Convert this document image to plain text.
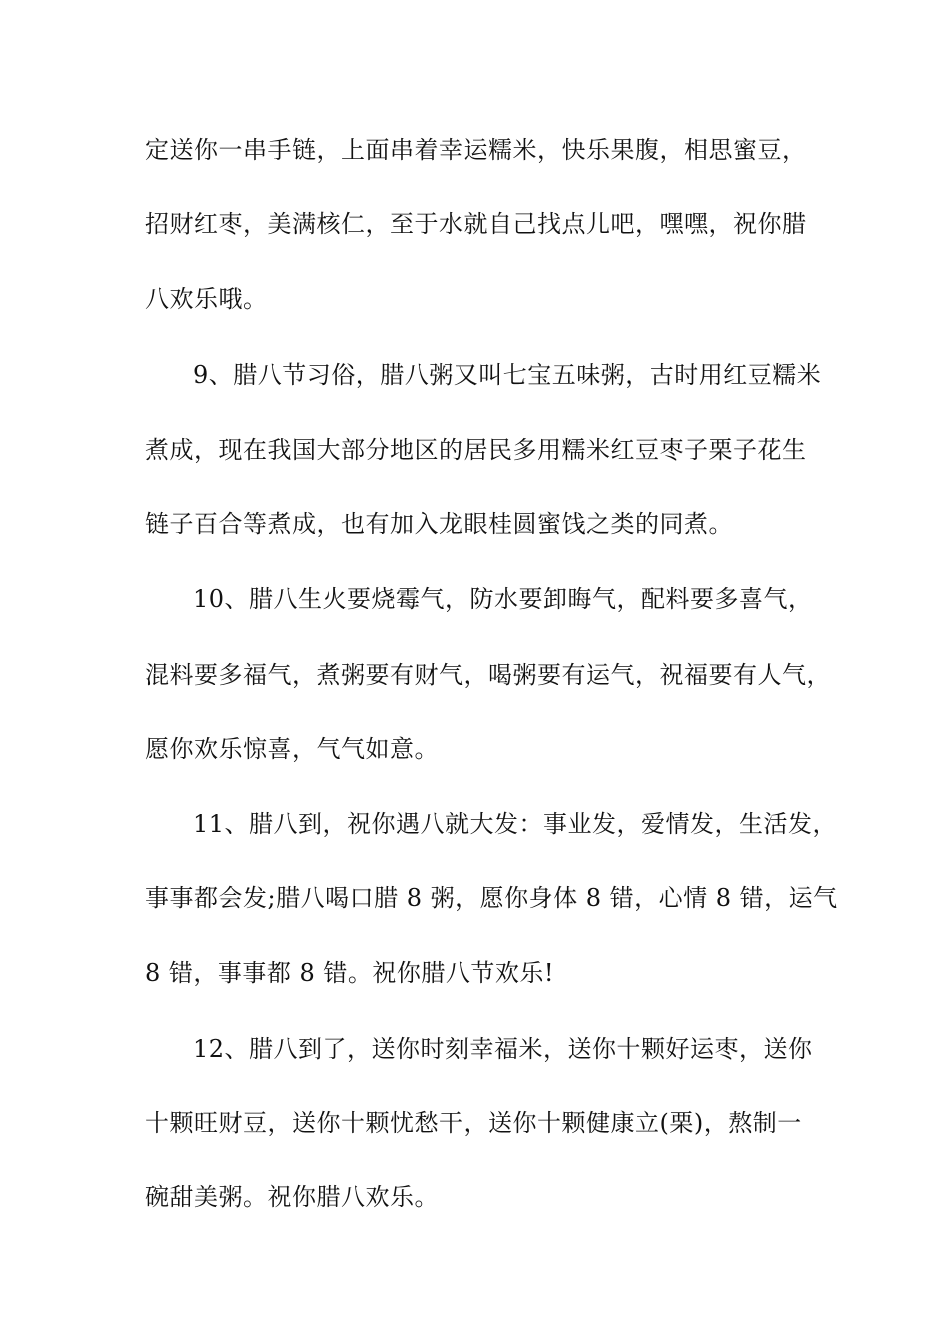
定送你一串手链，上面串着幸运糯米，快乐果腹，相思蜜豆，
招财红枣，美满核仁，至于水就自己找点儿吧，嘿嘿，祝你腊
八欢乐哦。
9、腊八节习俗，腊八粥又叫七宝五味粥，古时用红豆糯米
煮成，现在我国大部分地区的居民多用糯米红豆枣子栗子花生
链子百合等煮成，也有加入龙眼桂圆蜜饯之类的同煮。
10、腊八生火要烧霉气，防水要卸晦气，配料要多喜气，
混料要多福气，煮粥要有财气，喝粥要有运气，祝福要有人气，
愿你欢乐惊喜，气气如意。
11、腊八到，祝你遇八就大发：事业发，爱情发，生活发，
事事都会发;腊八喝口腊 8 粥，愿你身体 8 错，心情 8 错，运气
8 错，事事都 8 错。祝你腊八节欢乐!
12、腊八到了，送你时刻幸福米，送你十颗好运枣，送你
十颗旺财豆，送你十颗忧愁干，送你十颗健康立(栗)，熬制一
碗甜美粥。祝你腊八欢乐。
